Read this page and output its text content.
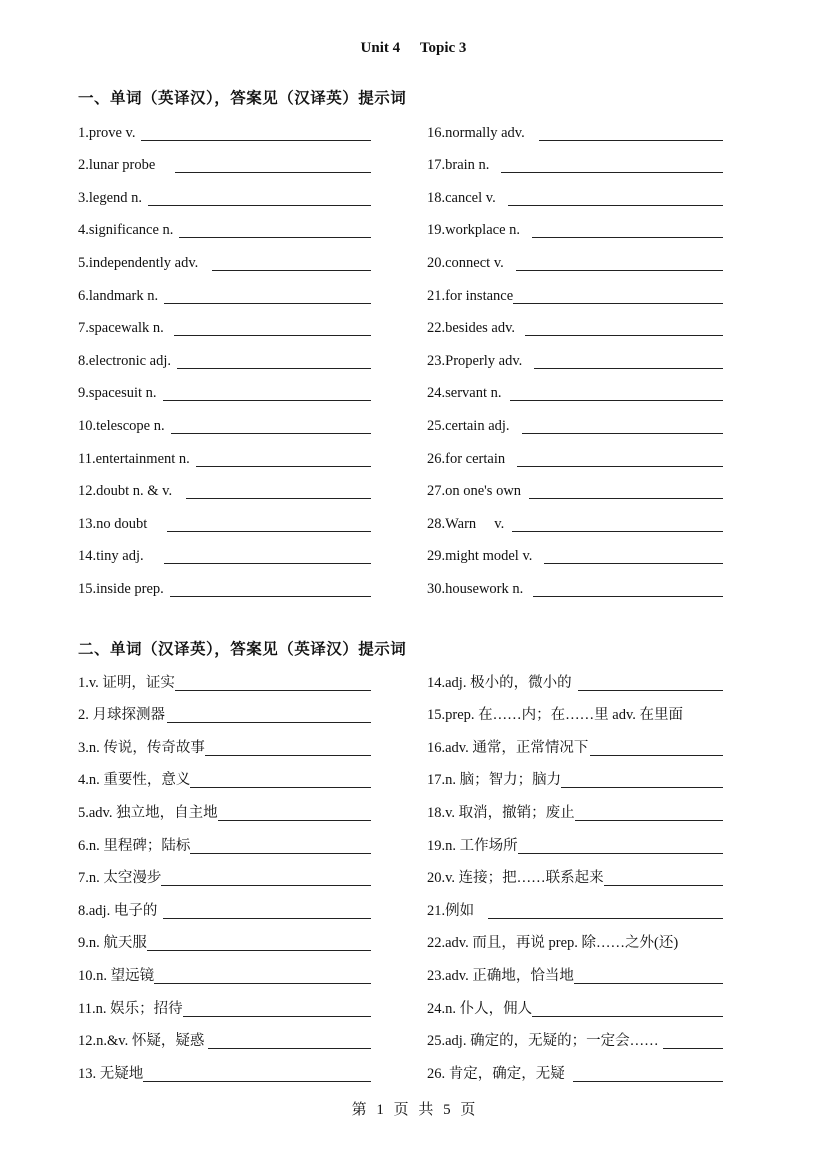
Unit 4 Topic 3
一、单词（英译汉），答案见（汉译英）提示词
1.prove v.
2.lunar probe
3.legend n.
4.significance n.
5.independently adv.
6.landmark n.
7.spacewalk n.
8.electronic adj.
9.spacesuit n.
10.telescope n.
11.entertainment n.
12.doubt n. & v.
13.no doubt
14.tiny adj.
15.inside prep.
16.normally adv.
17.brain n.
18.cancel v.
19.workplace n.
20.connect v.
21.for instance
22.besides adv.
23.Properly adv.
24.servant n.
25.certain adj.
26.for certain
27.on one's own
28.Warn　 v.
29.might model v.
30.housework n.
二、单词（汉译英），答案见（英译汉）提示词
1.v. 证明，证实
2. 月球探测器
3.n. 传说，传奇故事
4.n. 重要性，意义
5.adv. 独立地，自主地
6.n. 里程碑；陆标
7.n. 太空漫步
8.adj. 电子的
9.n. 航天服
10.n. 望远镜
11.n. 娱乐；招待
12.n.&v. 怀疑，疑惑
13. 无疑地
14.adj. 极小的，微小的
15.prep. 在……内；在……里 adv. 在里面
16.adv. 通常，正常情况下
17.n. 脑；智力；脑力
18.v. 取消，撤销；废止
19.n. 工作场所
20.v. 连接；把……联系起来
21.例如
22.adv. 而且，再说 prep. 除……之外(还)
23.adv. 正确地，恰当地
24.n. 仆人，佣人
25.adj. 确定的，无疑的；一定会……
26. 肯定，确定，无疑
第 1 页 共 5 页
